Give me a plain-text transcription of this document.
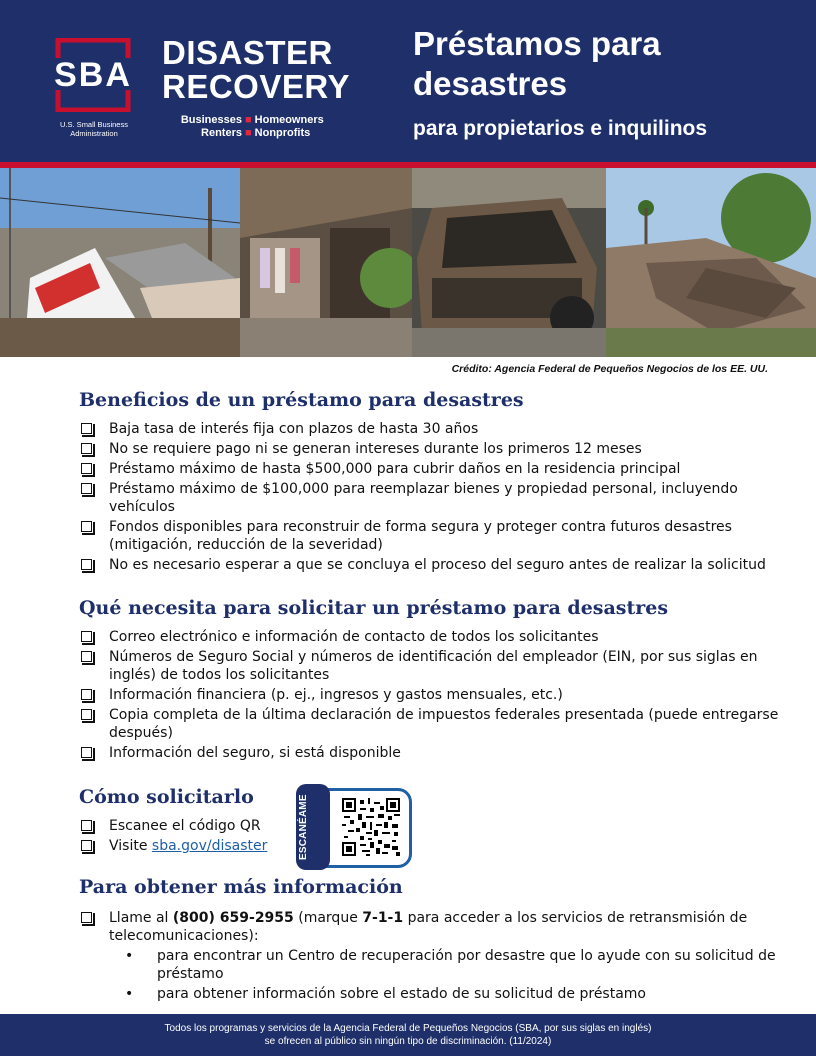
SBA
U.S. Small Business Administration
DISASTER
RECOVERY
Businesses ■ Homeowners
Renters ■ Nonprofits
Préstamos para
desastres
para propietarios e inquilinos
Crédito: Agencia Federal de Pequeños Negocios de los EE. UU.
Beneficios de un préstamo para desastres
Baja tasa de interés fija con plazos de hasta 30 años
No se requiere pago ni se generan intereses durante los primeros 12 meses
Préstamo máximo de hasta $500,000 para cubrir daños en la residencia principal
Préstamo máximo de $100,000 para reemplazar bienes y propiedad personal, incluyendo vehículos
Fondos disponibles para reconstruir de forma segura y proteger contra futuros desastres (mitigación, reducción de la severidad)
No es necesario esperar a que se concluya el proceso del seguro antes de realizar la solicitud
Qué necesita para solicitar un préstamo para desastres
Correo electrónico e información de contacto de todos los solicitantes
Números de Seguro Social y números de identificación del empleador (EIN, por sus siglas en inglés) de todos los solicitantes
Información financiera (p. ej., ingresos y gastos mensuales, etc.)
Copia completa de la última declaración de impuestos federales presentada (puede entregarse después)
Información del seguro, si está disponible
Cómo solicitarlo
Escanee el código QR
Visite sba.gov/disaster	ESCANÉAME
Para obtener más información
Llame al (800) 659-2955 (marque 7-1-1 para acceder a los servicios de retransmisión de telecomunicaciones):
• para encontrar un Centro de recuperación por desastre que lo ayude con su solicitud de préstamo
• para obtener información sobre el estado de su solicitud de préstamo
Todos los programas y servicios de la Agencia Federal de Pequeños Negocios (SBA, por sus siglas en inglés)
se ofrecen al público sin ningún tipo de discriminación. (11/2024)
